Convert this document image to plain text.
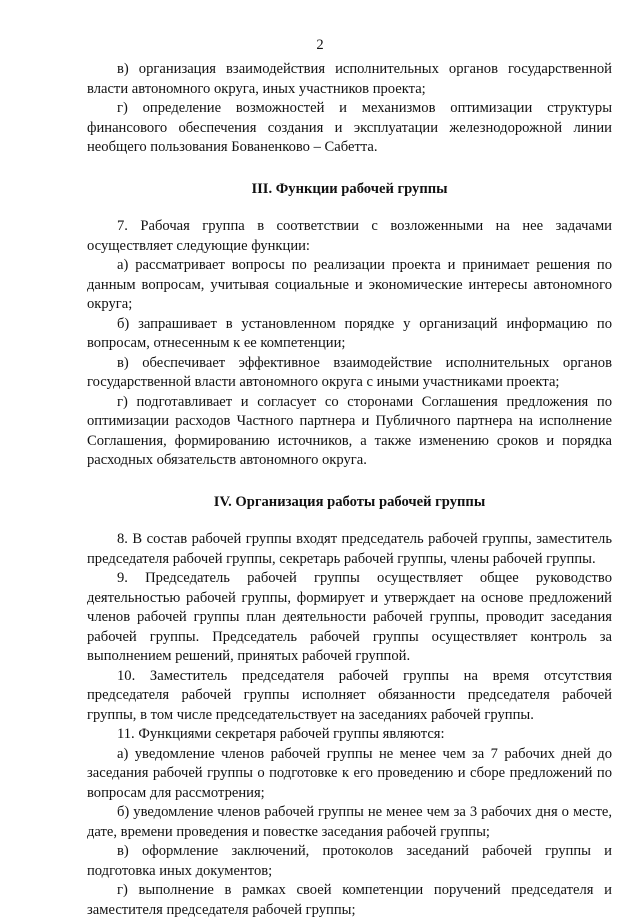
2

в) организация взаимодействия исполнительных органов государственной власти автономного округа, иных участников проекта;

г) определение возможностей и механизмов оптимизации структуры финансового обеспечения создания и эксплуатации железнодорожной линии необщего пользования Бованенково – Сабетта.

III. Функции рабочей группы

7. Рабочая группа в соответствии с возложенными на нее задачами осуществляет следующие функции:

а) рассматривает вопросы по реализации проекта и принимает решения по данным вопросам, учитывая социальные и экономические интересы автономного округа;

б) запрашивает в установленном порядке у организаций информацию по вопросам, отнесенным к ее компетенции;

в) обеспечивает эффективное взаимодействие исполнительных органов государственной власти автономного округа с иными участниками проекта;

г) подготавливает и согласует со сторонами Соглашения предложения по оптимизации расходов Частного партнера и Публичного партнера на исполнение Соглашения, формированию источников, а также изменению сроков и порядка расходных обязательств автономного округа.

IV. Организация работы рабочей группы

8. В состав рабочей группы входят председатель рабочей группы, заместитель председателя рабочей группы, секретарь рабочей группы, члены рабочей группы.

9. Председатель рабочей группы осуществляет общее руководство деятельностью рабочей группы, формирует и утверждает на основе предложений членов рабочей группы план деятельности рабочей группы, проводит заседания рабочей группы. Председатель рабочей группы осуществляет контроль за выполнением решений, принятых рабочей группой.

10. Заместитель председателя рабочей группы на время отсутствия председателя рабочей группы исполняет обязанности председателя рабочей группы, в том числе председательствует на заседаниях рабочей группы.

11. Функциями секретаря рабочей группы являются:

а) уведомление членов рабочей группы не менее чем за 7 рабочих дней до заседания рабочей группы о подготовке к его проведению и сборе предложений по вопросам для рассмотрения;

б) уведомление членов рабочей группы не менее чем за 3 рабочих дня о месте, дате, времени проведения и повестке заседания рабочей группы;

в) оформление заключений, протоколов заседаний рабочей группы и подготовка иных документов;

г) выполнение в рамках своей компетенции поручений председателя и заместителя председателя рабочей группы;
